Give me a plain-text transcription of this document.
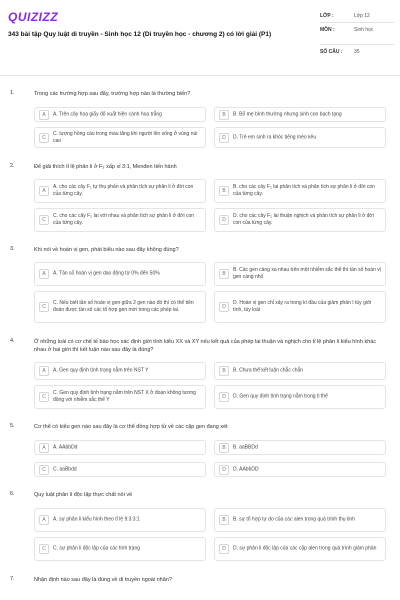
QUIZIZZ
343 bài tập Quy luật di truyền - Sinh học 12 (Di truyền học - chương 2) có lời giải (P1)
LỚP :	Lớp 12
MÔN :	Sinh học
SỐ CÂU :	35
1.	Trong các trường hợp sau đây, trường hợp nào là thường biến?
A	A. Trên cây hoa giấy đỏ xuất hiện cành hoa trắng	B	B. Bố mẹ bình thường nhưng sinh con bạch tạng
C
C. lượng hồng cầu trong máu tăng khi người lên sống ở vùng núi cao	D	D. Trẻ em sinh ra khóc tiếng mèo kêu
2.	Để giải thích tỉ lệ phân li ở F₂ xấp xỉ 3:1, Menđen tiến hành
A
A. cho các cây F₁ tự thụ phấn và phân tích sự phân li ở đời con của từng cây.	B
B. cho các cây F₂ lai phân tích và phân tích sự phân li ở đời con của từng cây.
C
C. cho các cây F₂ lai với nhau và phân tích sự phân li ở đời con của từng cây.	D
D. cho các cây F₂ lai thuận nghịch và phân tích sự phân li ở đời con của từng cây.
3.	Khi nói về hoán vị gen, phát biểu nào sau đây không đúng?
A	A. Tần số hoán vị gen dao động từ 0% đến 50%	B
B. Các gen càng xa nhau trên một nhiễm sắc thể thì tần số hoán vị gen càng nhỏ
C
C. Nếu biết tần số hoán vị gen giữa 2 gen nào đó thì có thể tiên đoán được tần số các tổ hợp gen mới trong các phép lai.	D
D. Hoán vị gen chỉ xảy ra trong kì đầu của giảm phân I tùy giới tính, tùy loài
4.	Ở những loài có cơ chế tế bào học xác định giới tính kiểu XX và XY nếu kết quả của phép lai thuận và nghịch cho tỉ lệ phân li kiểu hình khác nhau ở hai giới thì kết luận nào sau đây là đúng?
A	A. Gen quy định tính trạng nằm trên NST Y	B	B. Chưa thể kết luận chắc chắn
C
C. Gen quy định tính trạng nằm trên NST X ở đoạn không tương đồng với nhiễm sắc thể Y	D	D. Gen quy định tính trạng nằm trong ti thể
5.	Cơ thể có kiểu gen nào sau đây là cơ thể đồng hợp tử về các cặp gen đang xét
A	A. AAbbDd	B	B. aaBBDd
C	C. aaBbdd	D	D. AAbbDD
6.	Quy luật phân li độc lập thực chất nói về
A	A. sự phân li kiểu hình theo tỉ lệ 9:3:3:1	B	B. sự tổ hợp tự do của các alen trong quá trình thụ tinh
C	C. sự phân li độc lập của các tính trạng	D	D. sự phân li độc lập của các cặp alen trong quá trình giảm phân
7.	Nhận định nào sau đây là đúng về di truyền ngoài nhân?
